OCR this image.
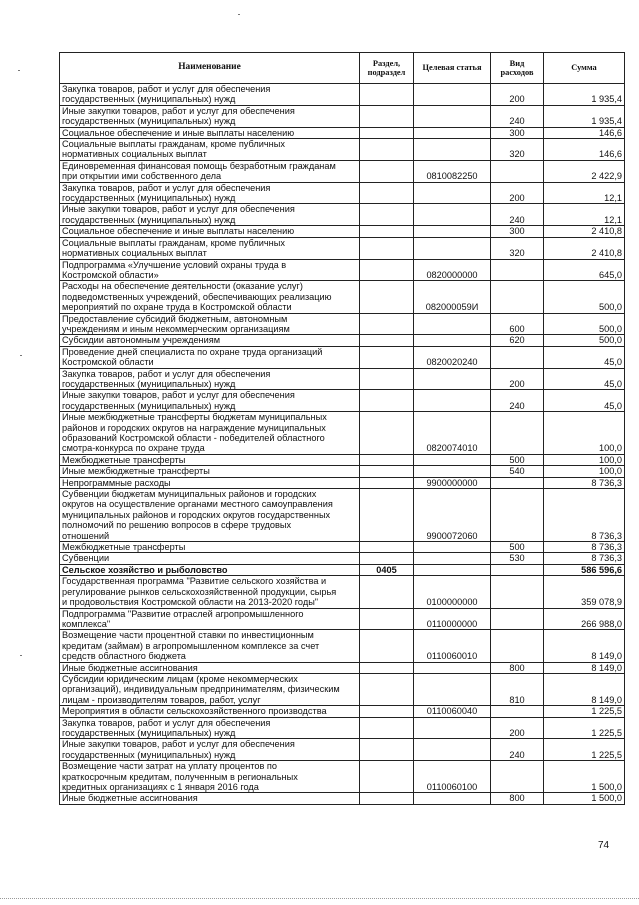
Наименование	Раздел, подраздел	Целевая статья	Вид расходов	Сумма
Закупка товаров, работ и услуг для обеспечения
государственных (муниципальных) нужд			200	1 935,4
Иные закупки товаров, работ и услуг для обеспечения
государственных (муниципальных) нужд			240	1 935,4
Социальное обеспечение и иные выплаты населению			300	146,6
Социальные выплаты гражданам, кроме публичных
нормативных социальных выплат			320	146,6
Единовременная финансовая помощь безработным гражданам
при открытии ими собственного дела		0810082250		2 422,9
Закупка товаров, работ и услуг для обеспечения
государственных (муниципальных) нужд			200	12,1
Иные закупки товаров, работ и услуг для обеспечения
государственных (муниципальных) нужд			240	12,1
Социальное обеспечение и иные выплаты населению			300	2 410,8
Социальные выплаты гражданам, кроме публичных
нормативных социальных выплат			320	2 410,8
Подпрограмма «Улучшение условий охраны труда в
Костромской области»		0820000000		645,0
Расходы на обеспечение деятельности (оказание услуг)
подведомственных учреждений, обеспечивающих реализацию
мероприятий по охране труда в Костромской области		082000059И		500,0
Предоставление субсидий бюджетным, автономным
учреждениям и иным некоммерческим организациям			600	500,0
Субсидии автономным учреждениям			620	500,0
Проведение дней специалиста по охране труда организаций
Костромской области		0820020240		45,0
Закупка товаров, работ и услуг для обеспечения
государственных (муниципальных) нужд			200	45,0
Иные закупки товаров, работ и услуг для обеспечения
государственных (муниципальных) нужд			240	45,0
Иные межбюджетные трансферты бюджетам муниципальных
районов и городских округов на награждение муниципальных
образований Костромской области - победителей областного
смотра-конкурса по охране труда		0820074010		100,0
Межбюджетные трансферты			500	100,0
Иные межбюджетные трансферты			540	100,0
Непрограммные расходы		9900000000		8 736,3
Субвенции бюджетам муниципальных районов и городских
округов на осуществление органами местного самоуправления
муниципальных районов и городских округов государственных
полномочий по решению вопросов в сфере трудовых
отношений		9900072060		8 736,3
Межбюджетные трансферты			500	8 736,3
Субвенции			530	8 736,3
Сельское хозяйство и рыболовство	0405			586 596,6
Государственная программа "Развитие сельского хозяйства и
регулирование рынков сельскохозяйственной продукции, сырья
и продовольствия Костромской области на 2013-2020 годы"		0100000000		359 078,9
Подпрограмма "Развитие отраслей агропромышленного
комплекса"		0110000000		266 988,0
Возмещение части процентной ставки по инвестиционным
кредитам (займам) в агропромышленном комплексе за счет
средств областного бюджета		0110060010		8 149,0
Иные бюджетные ассигнования			800	8 149,0
Субсидии юридическим лицам (кроме некоммерческих
организаций), индивидуальным предпринимателям, физическим
лицам - производителям товаров, работ, услуг			810	8 149,0
Мероприятия в области сельскохозяйственного производства		0110060040		1 225,5
Закупка товаров, работ и услуг для обеспечения
государственных (муниципальных) нужд			200	1 225,5
Иные закупки товаров, работ и услуг для обеспечения
государственных (муниципальных) нужд			240	1 225,5
Возмещение части затрат на уплату процентов по
краткосрочным кредитам, полученным в региональных
кредитных организациях с 1 января 2016 года		0110060100		1 500,0
Иные бюджетные ассигнования			800	1 500,0
74
